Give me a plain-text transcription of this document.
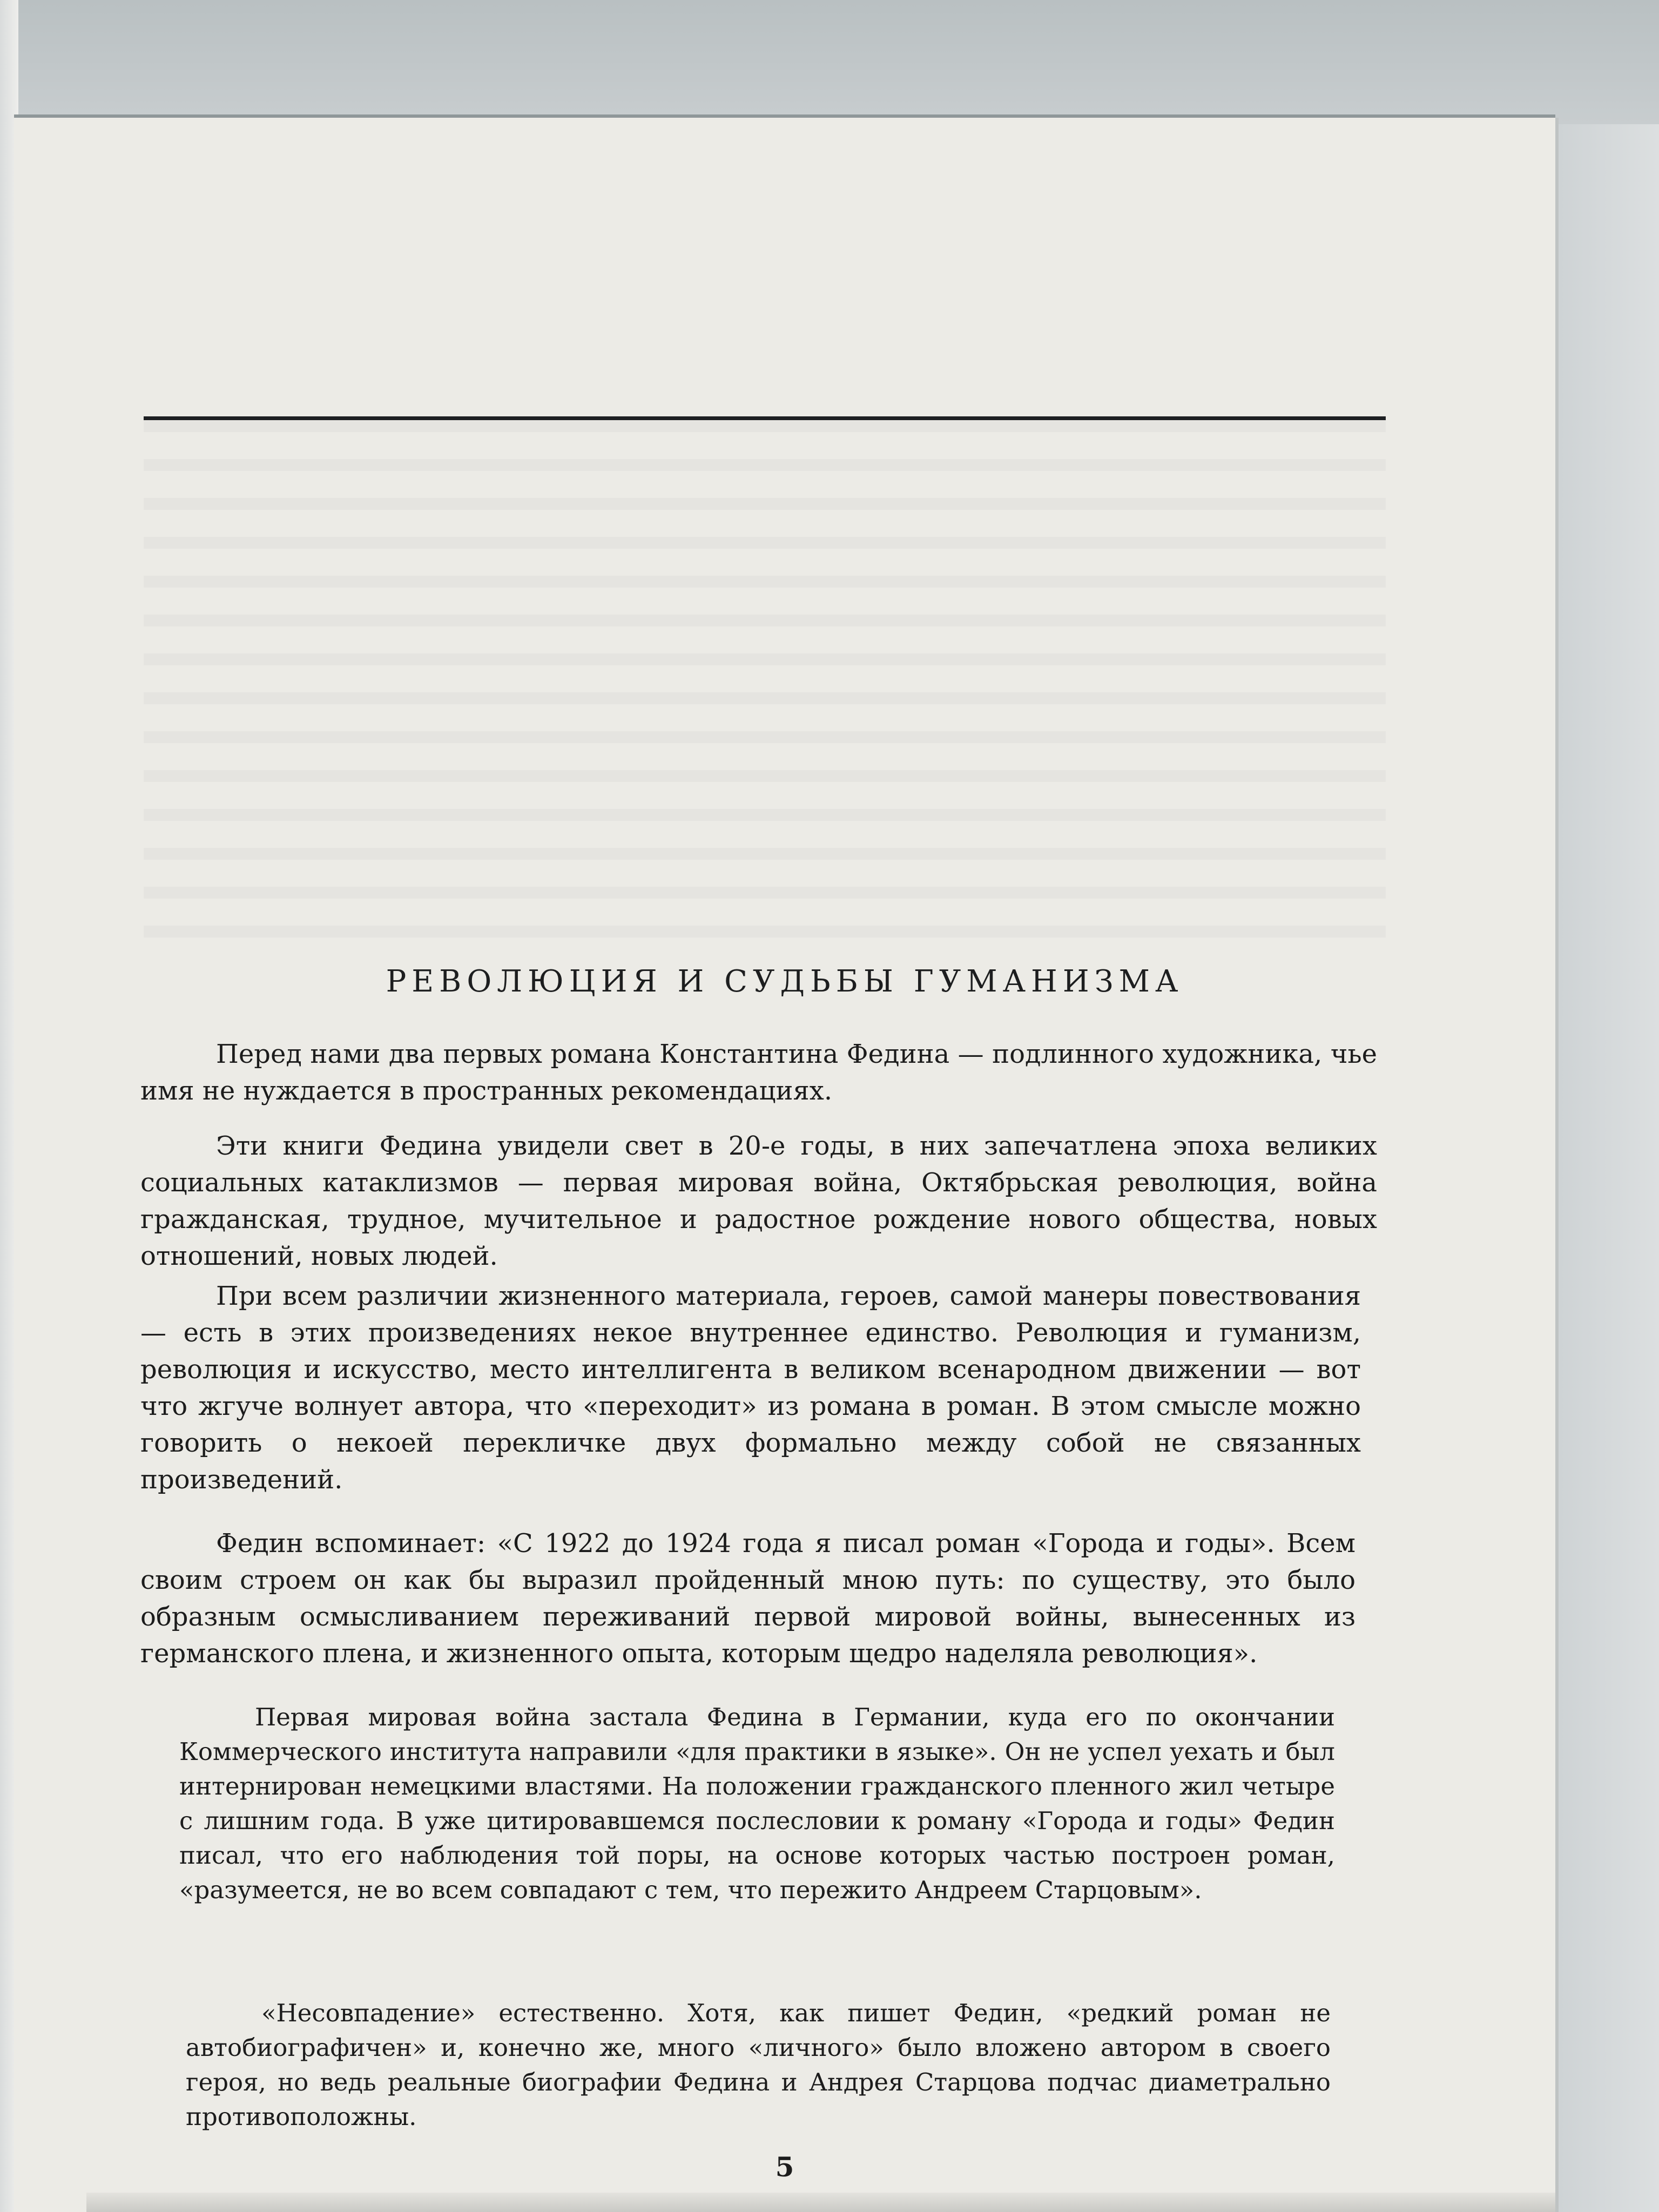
РЕВОЛЮЦИЯ И СУДЬБЫ ГУМАНИЗМА

Перед нами два первых романа Константина Федина — подлинного художника, чье имя не нуждается в пространных рекомендациях.

Эти книги Федина увидели свет в 20-е годы, в них запечатлена эпоха великих социальных катаклизмов — первая мировая война, Октябрьская революция, война гражданская, трудное, мучительное и радостное рождение нового общества, новых отношений, новых людей.

При всем различии жизненного материала, героев, самой манеры повествования — есть в этих произведениях некое внутреннее единство. Революция и гуманизм, революция и искусство, место интеллигента в великом всенародном движении — вот что жгуче волнует автора, что «переходит» из романа в роман. В этом смысле можно говорить о некоей перекличке двух формально между собой не связанных произведений.

Федин вспоминает: «С 1922 до 1924 года я писал роман «Города и годы». Всем своим строем он как бы выразил пройденный мною путь: по существу, это было образным осмысливанием переживаний первой мировой войны, вынесенных из германского плена, и жизненного опыта, которым щедро наделяла революция».

Первая мировая война застала Федина в Германии, куда его по окончании Коммерческого института направили «для практики в языке». Он не успел уехать и был интернирован немецкими властями. На положении гражданского пленного жил четыре с лишним года. В уже цитировавшемся послесловии к роману «Города и годы» Федин писал, что его наблюдения той поры, на основе которых частью построен роман, «разумеется, не во всем совпадают с тем, что пережито Андреем Старцовым».

«Несовпадение» естественно. Хотя, как пишет Федин, «редкий роман не автобиографичен» и, конечно же, много «личного» было вложено автором в своего героя, но ведь реальные биографии Федина и Андрея Старцова подчас диаметрально противоположны.

5
